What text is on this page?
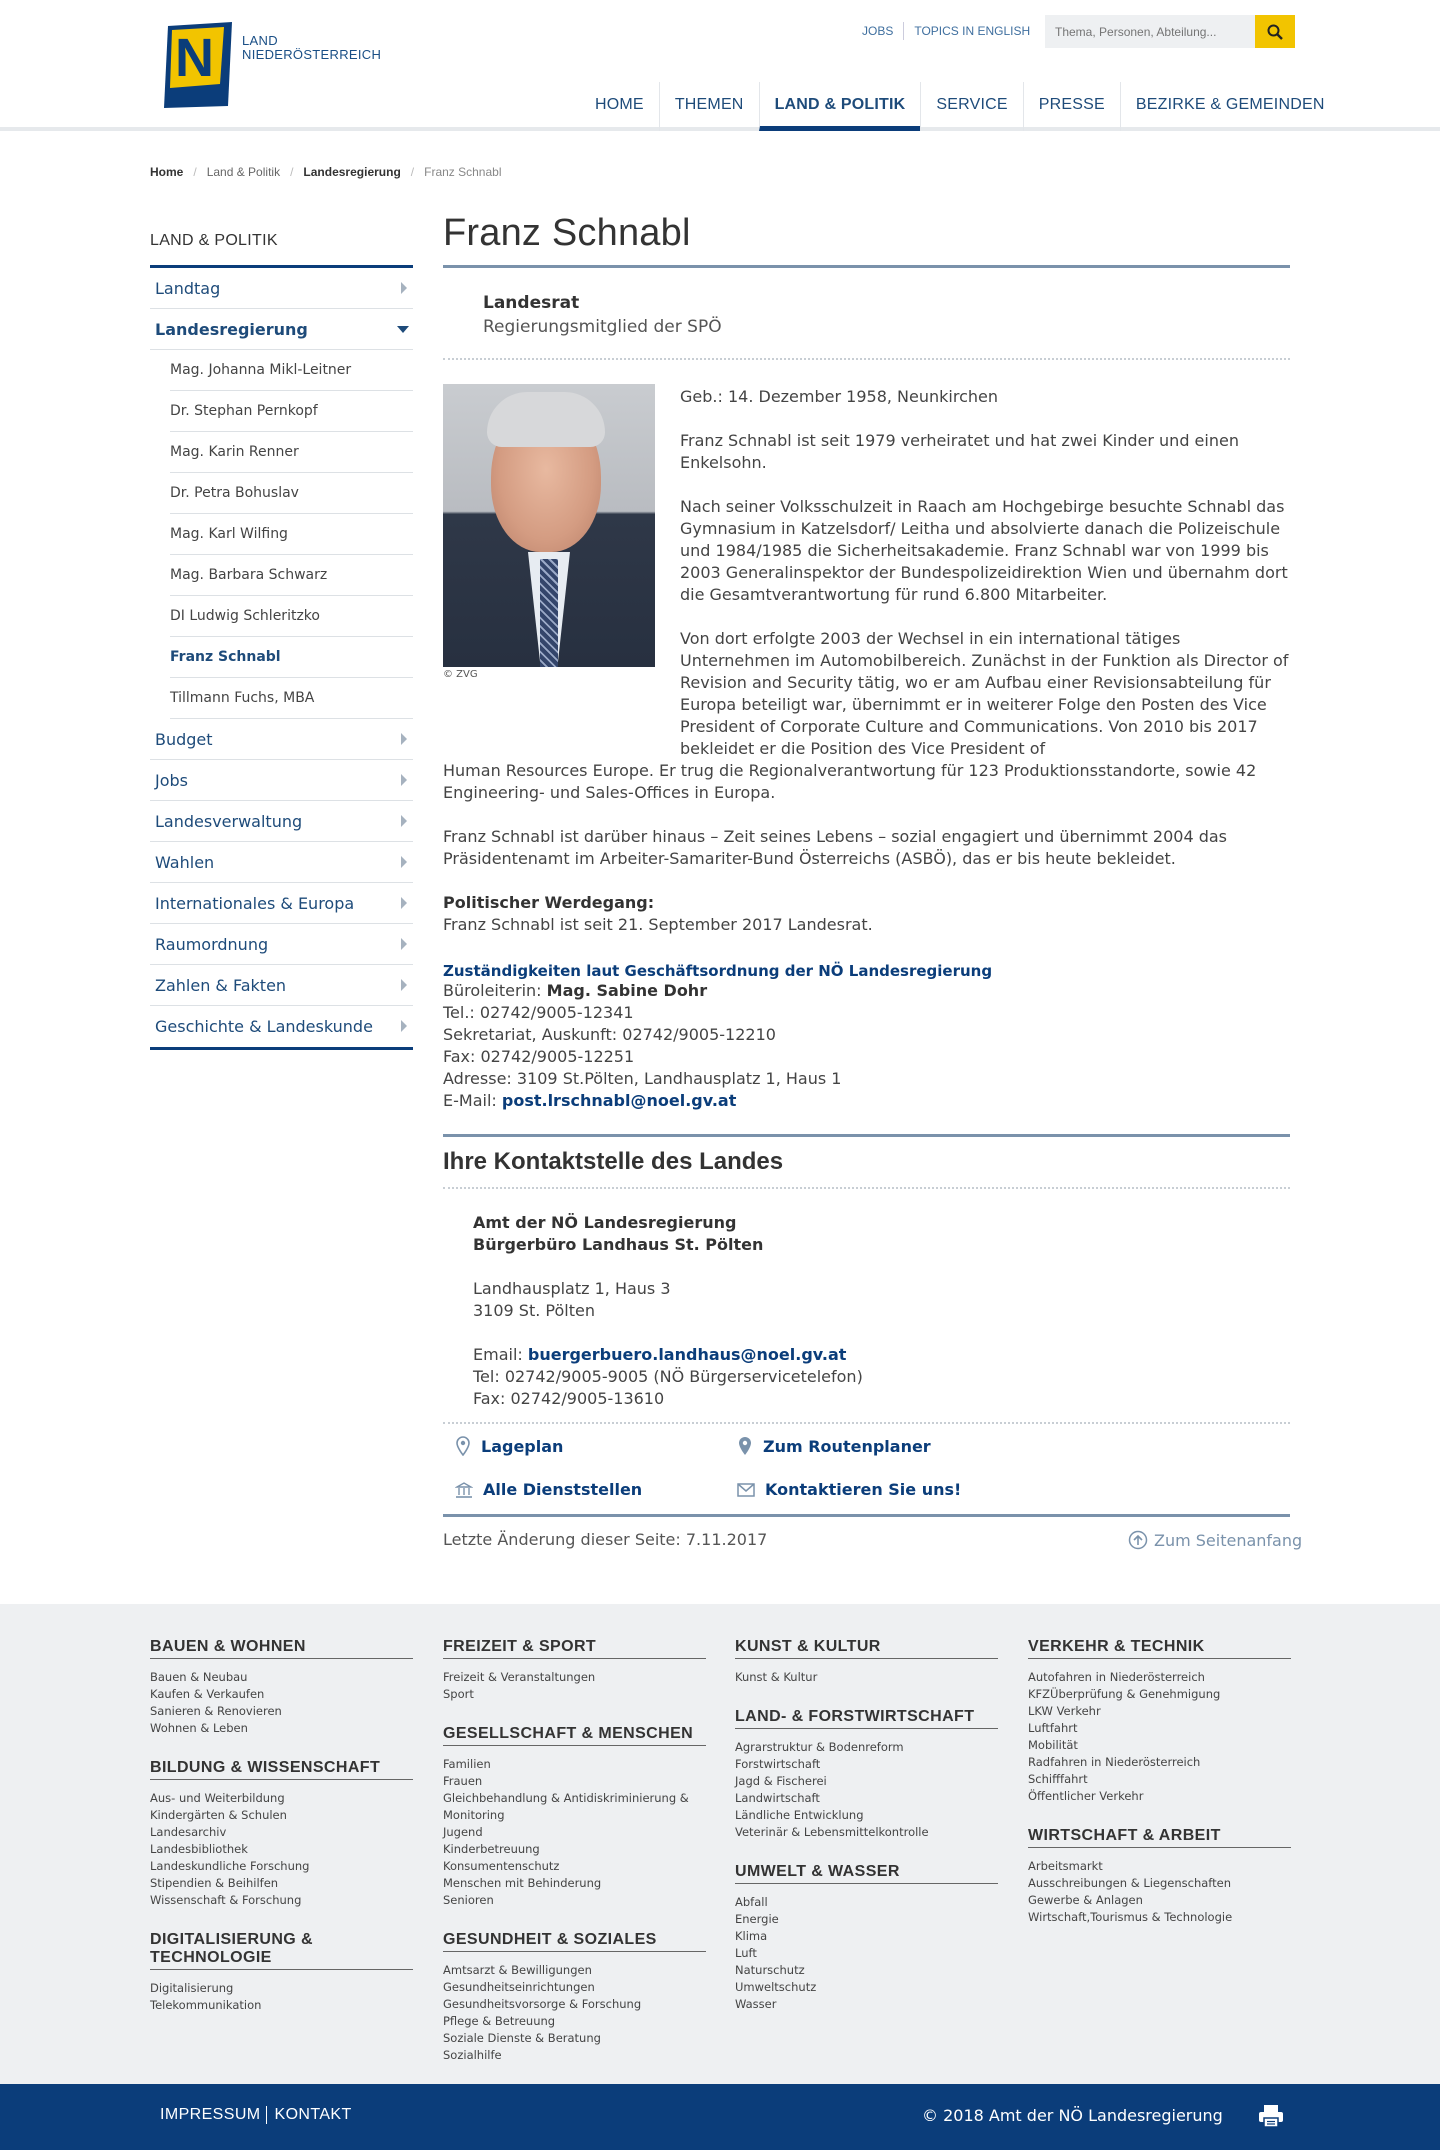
N LAND
NIEDERÖSTERREICH
JOBS	TOPICS IN ENGLISH
Thema, Personen, Abteilung...
HOME	THEMEN	LAND & POLITIK	SERVICE	PRESSE	BEZIRKE & GEMEINDEN
Home / Land & Politik / Landesregierung / Franz Schnabl
LAND & POLITIK
Landtag
Landesregierung
Mag. Johanna Mikl-Leitner
Dr. Stephan Pernkopf
Mag. Karin Renner
Dr. Petra Bohuslav
Mag. Karl Wilfing
Mag. Barbara Schwarz
DI Ludwig Schleritzko
Franz Schnabl
Tillmann Fuchs, MBA
Budget
Jobs
Landesverwaltung
Wahlen
Internationales & Europa
Raumordnung
Zahlen & Fakten
Geschichte & Landeskunde
Franz Schnabl
Landesrat
Regierungsmitglied der SPÖ
© ZVG

Geb.: 14. Dezember 1958, Neunkirchen

Franz Schnabl ist seit 1979 verheiratet und hat zwei Kinder und einen Enkelsohn.

Nach seiner Volksschulzeit in Raach am Hochgebirge besuchte Schnabl das Gymnasium in Katzelsdorf/ Leitha und absolvierte danach die Polizeischule und 1984/1985 die Sicherheitsakademie. Franz Schnabl war von 1999 bis 2003 Generalinspektor der Bundespolizeidirektion Wien und übernahm dort die Gesamtverantwortung für rund 6.800 Mitarbeiter.

Von dort erfolgte 2003 der Wechsel in ein international tätiges Unternehmen im Automobilbereich. Zunächst in der Funktion als Director of Revision and Security tätig, wo er am Aufbau einer Revisionsabteilung für Europa beteiligt war, übernimmt er in weiterer Folge den Posten des Vice President of Corporate Culture and Communications. Von 2010 bis 2017 bekleidet er die Position des Vice President of
Human Resources Europe. Er trug die Regionalverantwortung für 123 Produktionsstandorte, sowie 42 Engineering- und Sales-Offices in Europa.

Franz Schnabl ist darüber hinaus – Zeit seines Lebens – sozial engagiert und übernimmt 2004 das Präsidentenamt im Arbeiter-Samariter-Bund Österreichs (ASBÖ), das er bis heute bekleidet.

Politischer Werdegang:
Franz Schnabl ist seit 21. September 2017 Landesrat.

Zuständigkeiten laut Geschäftsordnung der NÖ Landesregierung

Büroleiterin: Mag. Sabine Dohr
Tel.: 02742/9005-12341
Sekretariat, Auskunft: 02742/9005-12210
Fax: 02742/9005-12251
Adresse: 3109 St.Pölten, Landhausplatz 1, Haus 1
E-Mail: post.lrschnabl@noel.gv.at
Ihre Kontaktstelle des Landes
Amt der NÖ Landesregierung
Bürgerbüro Landhaus St. Pölten
Landhausplatz 1, Haus 3
3109 St. Pölten
Email: buergerbuero.landhaus@noel.gv.at
Tel: 02742/9005-9005 (NÖ Bürgerservicetelefon)
Fax: 02742/9005-13610
Lageplan	Zum Routenplaner
Alle Dienststellen	Kontaktieren Sie uns!
Letzte Änderung dieser Seite: 7.11.2017	Zum Seitenanfang
BAUEN & WOHNEN
Bauen & Neubau
Kaufen & Verkaufen
Sanieren & Renovieren
Wohnen & Leben
BILDUNG & WISSENSCHAFT
Aus- und Weiterbildung
Kindergärten & Schulen
Landesarchiv
Landesbibliothek
Landeskundliche Forschung
Stipendien & Beihilfen
Wissenschaft & Forschung
DIGITALISIERUNG & TECHNOLOGIE
Digitalisierung
Telekommunikation
FREIZEIT & SPORT
Freizeit & Veranstaltungen
Sport
GESELLSCHAFT & MENSCHEN
Familien
Frauen
Gleichbehandlung & Antidiskriminierung & Monitoring
Jugend
Kinderbetreuung
Konsumentenschutz
Menschen mit Behinderung
Senioren
GESUNDHEIT & SOZIALES
Amtsarzt & Bewilligungen
Gesundheitseinrichtungen
Gesundheitsvorsorge & Forschung
Pflege & Betreuung
Soziale Dienste & Beratung
Sozialhilfe
KUNST & KULTUR
Kunst & Kultur
LAND- & FORSTWIRTSCHAFT
Agrarstruktur & Bodenreform
Forstwirtschaft
Jagd & Fischerei
Landwirtschaft
Ländliche Entwicklung
Veterinär & Lebensmittelkontrolle
UMWELT & WASSER
Abfall
Energie
Klima
Luft
Naturschutz
Umweltschutz
Wasser
VERKEHR & TECHNIK
Autofahren in Niederösterreich
KFZÜberprüfung & Genehmigung
LKW Verkehr
Luftfahrt
Mobilität
Radfahren in Niederösterreich
Schifffahrt
Öffentlicher Verkehr
WIRTSCHAFT & ARBEIT
Arbeitsmarkt
Ausschreibungen & Liegenschaften
Gewerbe & Anlagen
Wirtschaft,Tourismus & Technologie
IMPRESSUM KONTAKT	© 2018 Amt der NÖ Landesregierung
